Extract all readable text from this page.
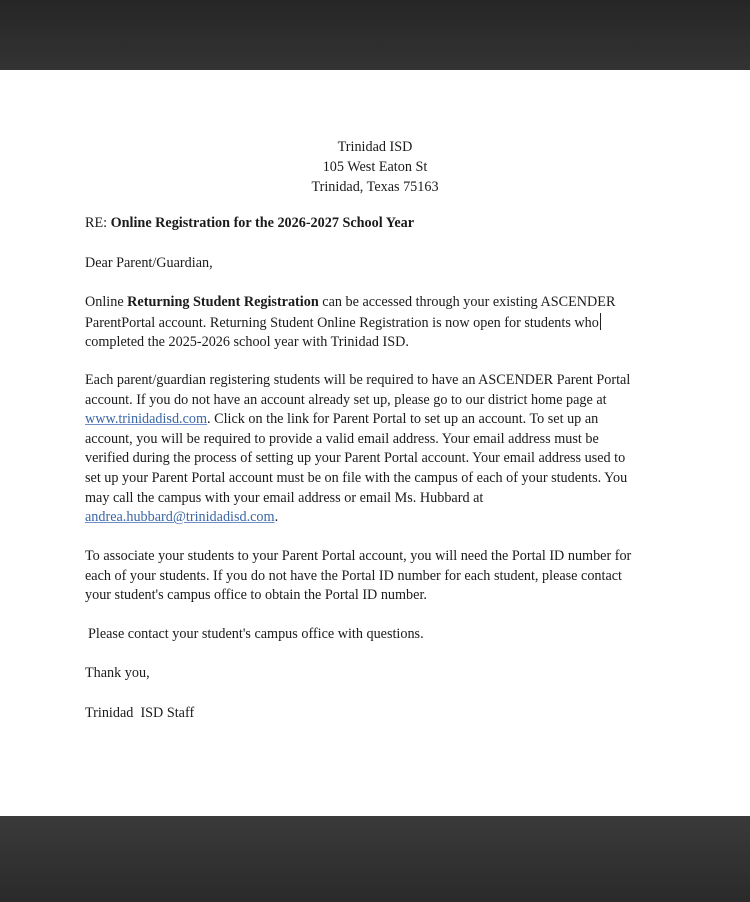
Trinidad ISD
105 West Eaton St
Trinidad, Texas 75163
RE: Online Registration for the 2026-2027 School Year
Dear Parent/Guardian,
Online Returning Student Registration can be accessed through your existing ASCENDER
ParentPortal account. Returning Student Online Registration is now open for students who
completed the 2025-2026 school year with Trinidad ISD.
Each parent/guardian registering students will be required to have an ASCENDER Parent Portal
account. If you do not have an account already set up, please go to our district home page at
www.trinidadisd.com. Click on the link for Parent Portal to set up an account. To set up an
account, you will be required to provide a valid email address. Your email address must be
verified during the process of setting up your Parent Portal account. Your email address used to
set up your Parent Portal account must be on file with the campus of each of your students. You
may call the campus with your email address or email Ms. Hubbard at
andrea.hubbard@trinidadisd.com.
To associate your students to your Parent Portal account, you will need the Portal ID number for
each of your students. If you do not have the Portal ID number for each student, please contact
your student's campus office to obtain the Portal ID number.
Please contact your student's campus office with questions.
Thank you,
Trinidad  ISD Staff
